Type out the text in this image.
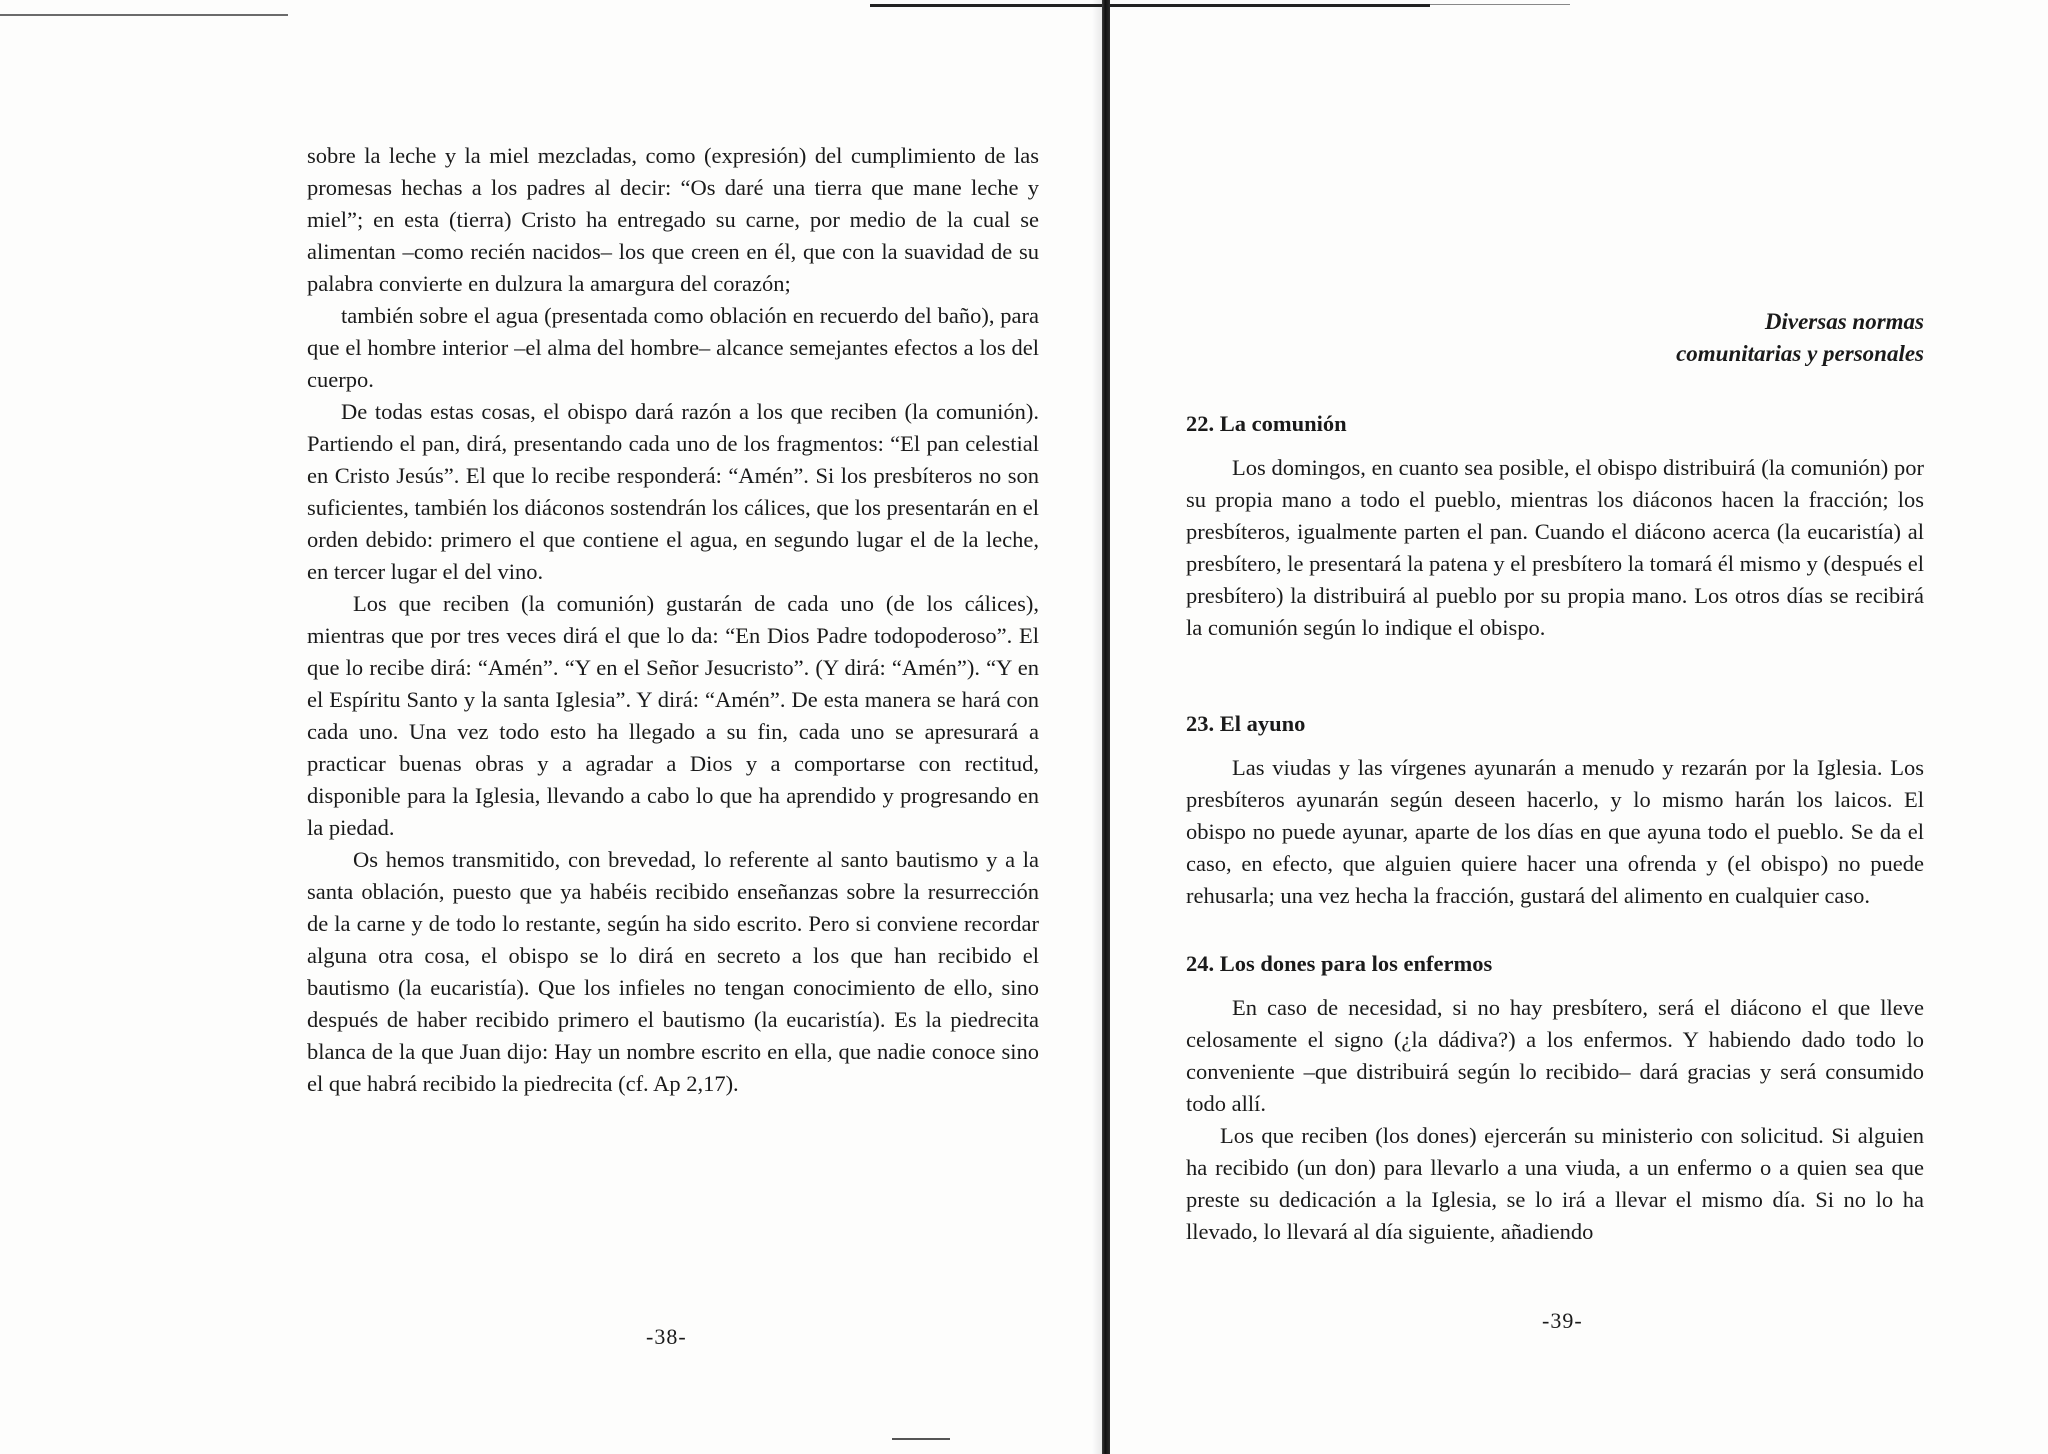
sobre la leche y la miel mezcladas, como (expresión) del cumplimiento de las promesas hechas a los padres al decir: “Os daré una tierra que mane leche y miel”; en esta (tierra) Cristo ha entregado su carne, por medio de la cual se alimentan –como recién nacidos– los que creen en él, que con la suavidad de su palabra convierte en dulzura la amargura del corazón;

también sobre el agua (presentada como oblación en recuerdo del baño), para que el hombre interior –el alma del hombre– alcance semejantes efectos a los del cuerpo.

De todas estas cosas, el obispo dará razón a los que reciben (la comunión). Partiendo el pan, dirá, presentando cada uno de los fragmentos: “El pan celestial en Cristo Jesús”. El que lo recibe responderá: “Amén”. Si los presbíteros no son suficientes, también los diáconos sostendrán los cálices, que los presentarán en el orden debido: primero el que contiene el agua, en segundo lugar el de la leche, en tercer lugar el del vino.

Los que reciben (la comunión) gustarán de cada uno (de los cálices), mientras que por tres veces dirá el que lo da: “En Dios Padre todopoderoso”. El que lo recibe dirá: “Amén”. “Y en el Señor Jesucristo”. (Y dirá: “Amén”). “Y en el Espíritu Santo y la santa Iglesia”. Y dirá: “Amén”. De esta manera se hará con cada uno. Una vez todo esto ha llegado a su fin, cada uno se apresurará a practicar buenas obras y a agradar a Dios y a comportarse con rectitud, disponible para la Iglesia, llevando a cabo lo que ha aprendido y progresando en la piedad.

Os hemos transmitido, con brevedad, lo referente al santo bautismo y a la santa oblación, puesto que ya habéis recibido enseñanzas sobre la resurrección de la carne y de todo lo restante, según ha sido escrito. Pero si conviene recordar alguna otra cosa, el obispo se lo dirá en secreto a los que han recibido el bautismo (la eucaristía). Que los infieles no tengan conocimiento de ello, sino después de haber recibido primero el bautismo (la eucaristía). Es la piedrecita blanca de la que Juan dijo: Hay un nombre escrito en ella, que nadie conoce sino el que habrá recibido la piedrecita (cf. Ap 2,17).

-38-
Diversas normas
comunitarias y personales
22. La comunión

Los domingos, en cuanto sea posible, el obispo distribuirá (la comunión) por su propia mano a todo el pueblo, mientras los diáconos hacen la fracción; los presbíteros, igualmente parten el pan. Cuando el diácono acerca (la eucaristía) al presbítero, le presentará la patena y el presbítero la tomará él mismo y (después el presbítero) la distribuirá al pueblo por su propia mano. Los otros días se recibirá la comunión según lo indique el obispo.

23. El ayuno

Las viudas y las vírgenes ayunarán a menudo y rezarán por la Iglesia. Los presbíteros ayunarán según deseen hacerlo, y lo mismo harán los laicos. El obispo no puede ayunar, aparte de los días en que ayuna todo el pueblo. Se da el caso, en efecto, que alguien quiere hacer una ofrenda y (el obispo) no puede rehusarla; una vez hecha la fracción, gustará del alimento en cualquier caso.

24. Los dones para los enfermos

En caso de necesidad, si no hay presbítero, será el diácono el que lleve celosamente el signo (¿la dádiva?) a los enfermos. Y habiendo dado todo lo conveniente –que distribuirá según lo recibido– dará gracias y será consumido todo allí.

Los que reciben (los dones) ejercerán su ministerio con solicitud. Si alguien ha recibido (un don) para llevarlo a una viuda, a un enfermo o a quien sea que preste su dedicación a la Iglesia, se lo irá a llevar el mismo día. Si no lo ha llevado, lo llevará al día siguiente, añadiendo

-39-
